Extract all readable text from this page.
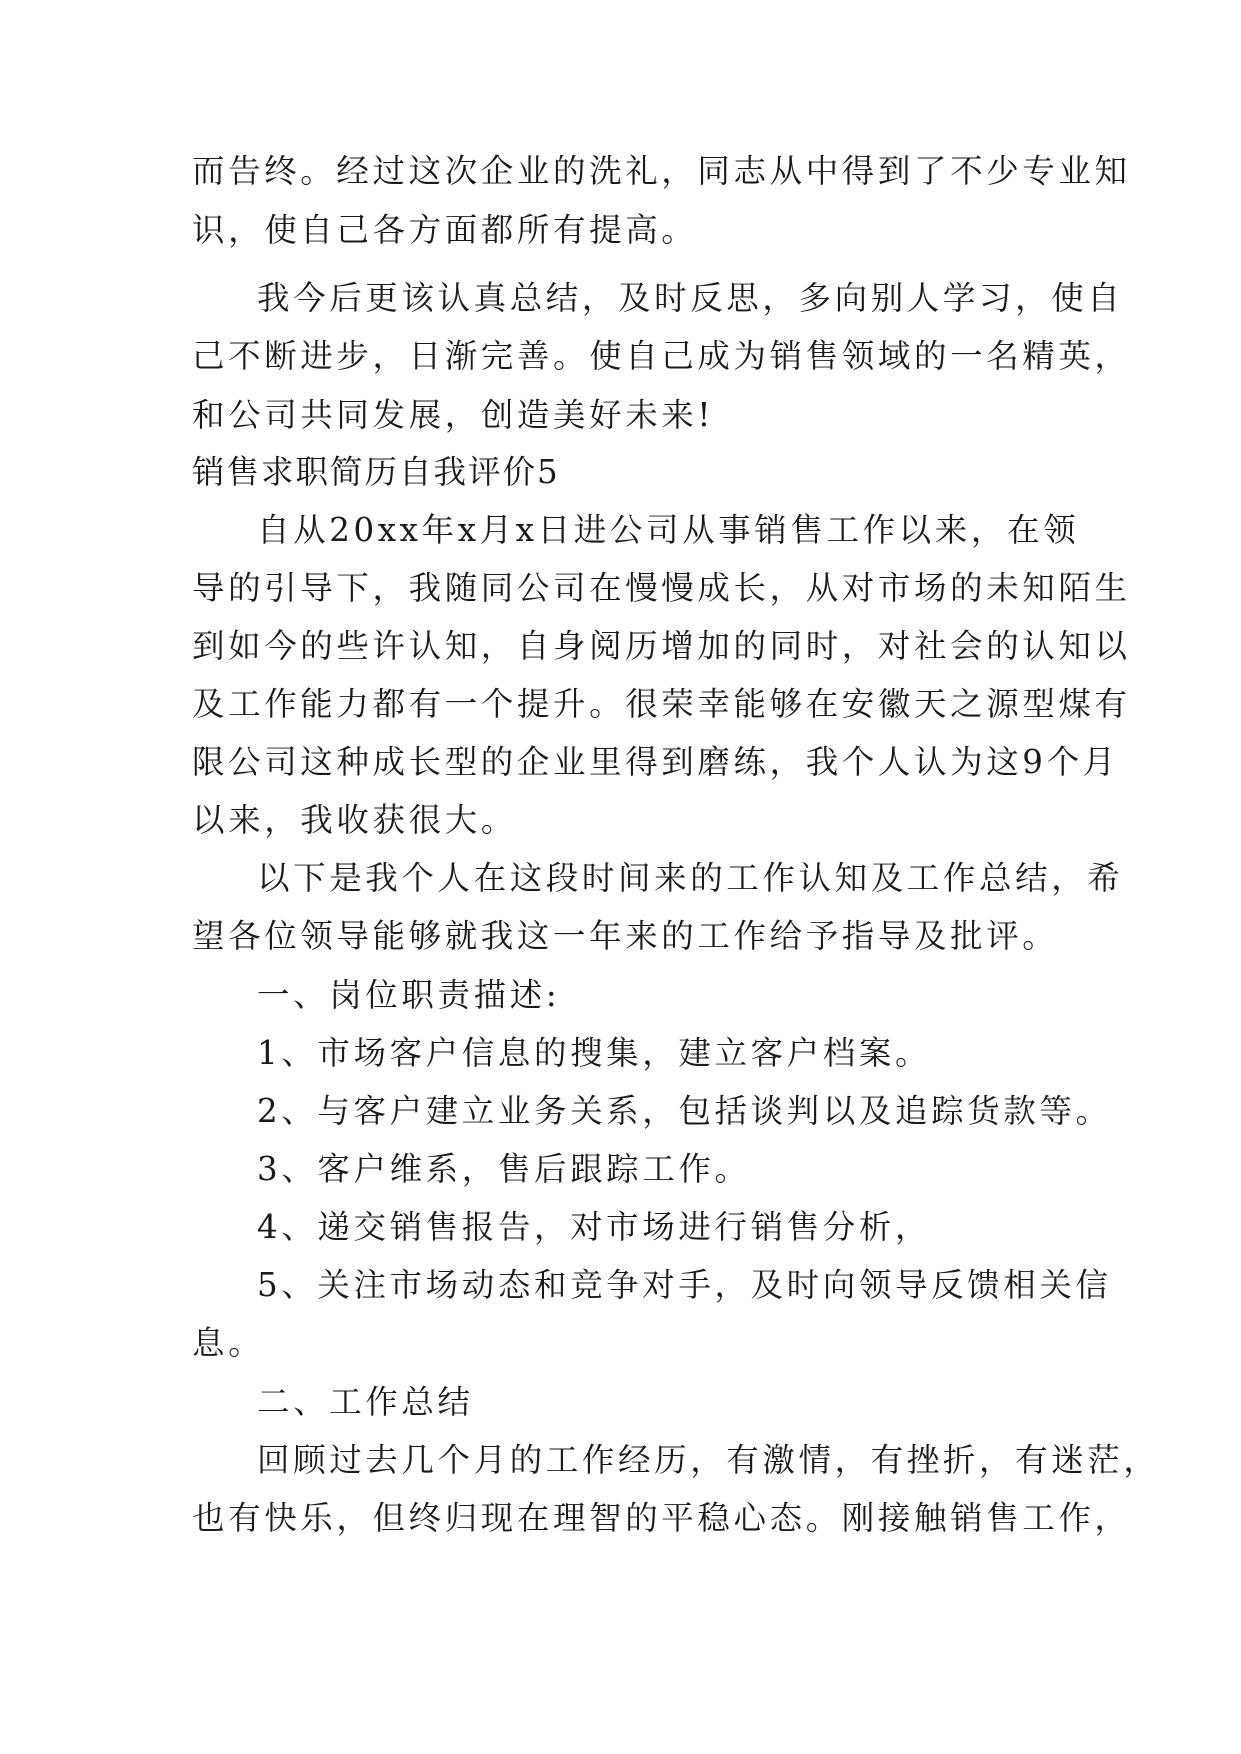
而告终。经过这次企业的洗礼，同志从中得到了不少专业知
识，使自己各方面都所有提高。
我今后更该认真总结，及时反思，多向别人学习，使自
己不断进步，日渐完善。使自己成为销售领域的一名精英，
和公司共同发展，创造美好未来!
销售求职简历自我评价5
自从20xx年x月x日进公司从事销售工作以来，在领
导的引导下，我随同公司在慢慢成长，从对市场的未知陌生
到如今的些许认知，自身阅历增加的同时，对社会的认知以
及工作能力都有一个提升。很荣幸能够在安徽天之源型煤有
限公司这种成长型的企业里得到磨练，我个人认为这9个月
以来，我收获很大。
以下是我个人在这段时间来的工作认知及工作总结，希
望各位领导能够就我这一年来的工作给予指导及批评。
一、岗位职责描述:
1、市场客户信息的搜集，建立客户档案。
2、与客户建立业务关系，包括谈判以及追踪货款等。
3、客户维系，售后跟踪工作。
4、递交销售报告，对市场进行销售分析，
5、关注市场动态和竞争对手，及时向领导反馈相关信
息。
二、工作总结
回顾过去几个月的工作经历，有激情，有挫折，有迷茫，
也有快乐，但终归现在理智的平稳心态。刚接触销售工作，
